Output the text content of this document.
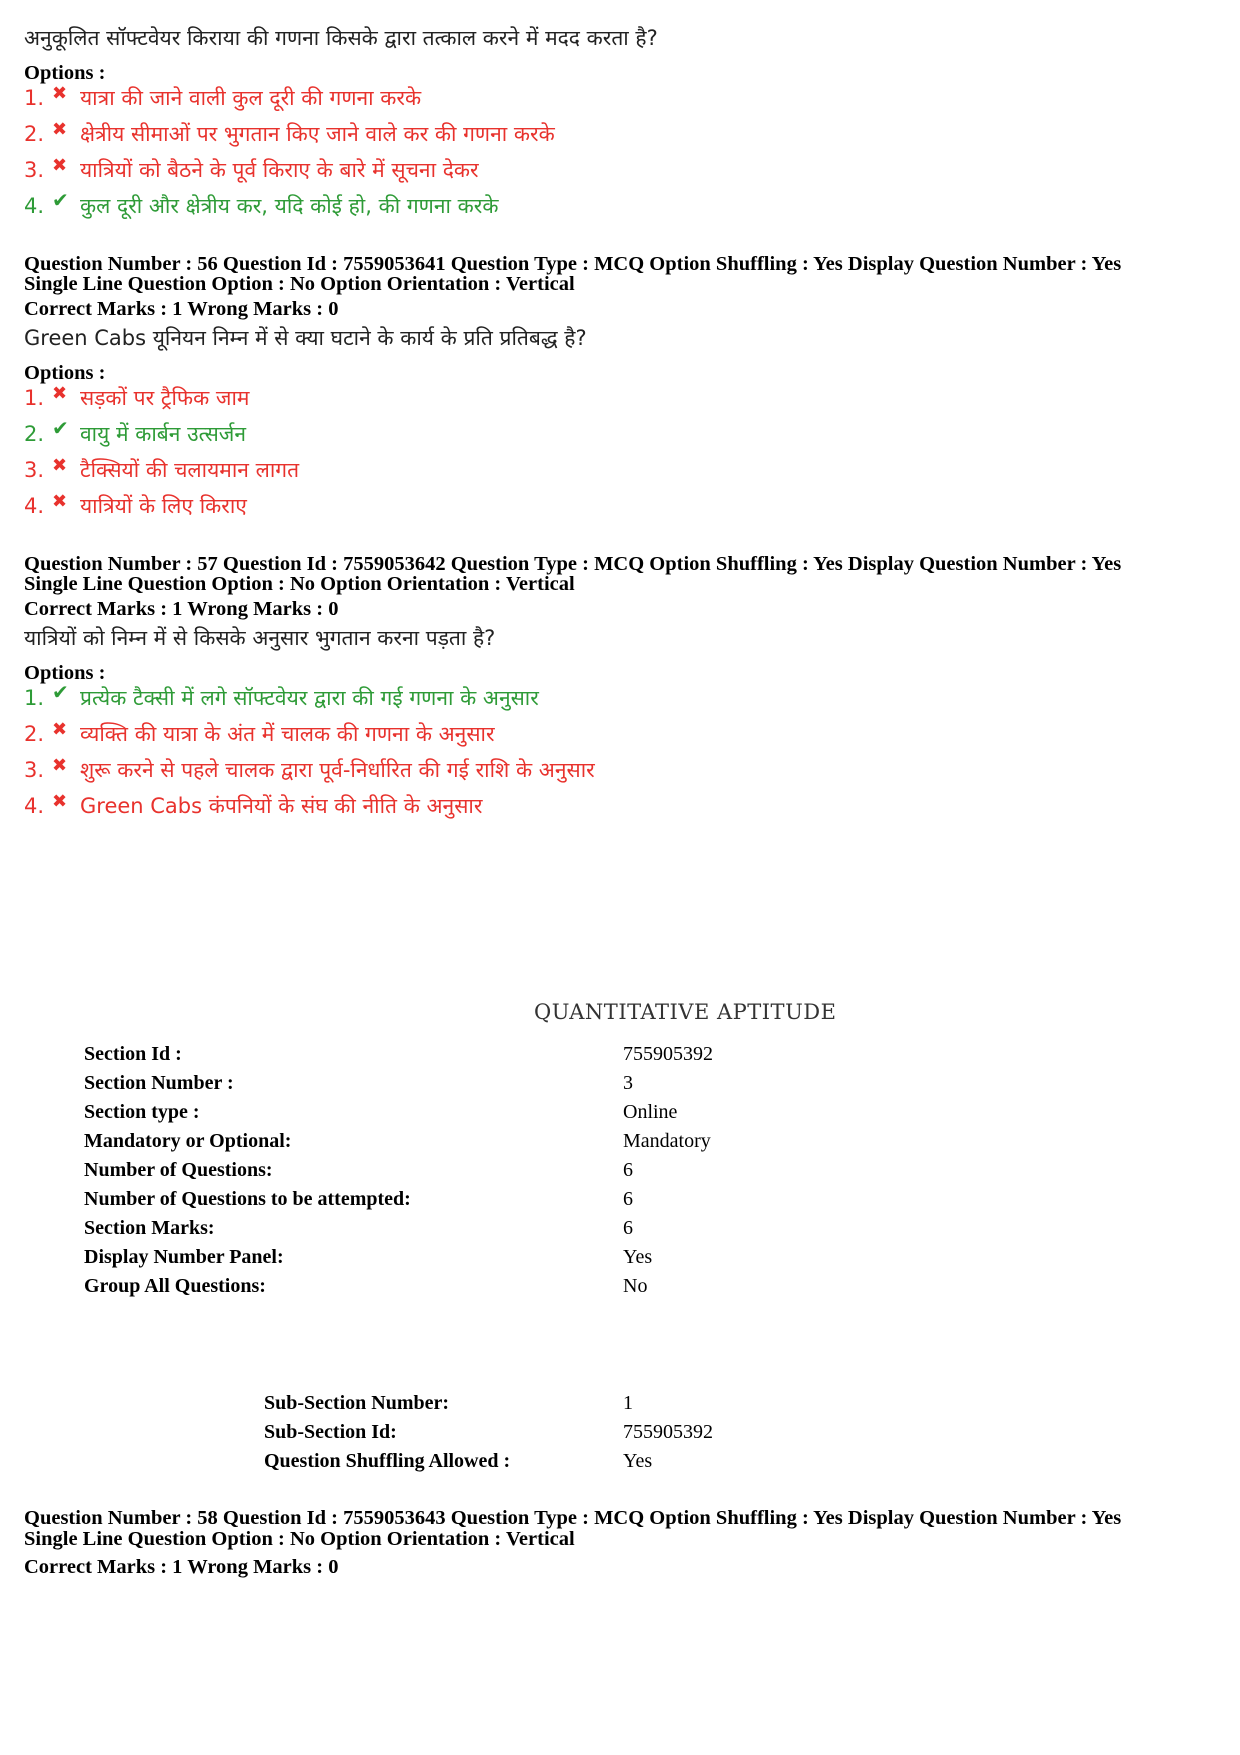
अनुकूलित सॉफ्टवेयर किराया की गणना किसके द्वारा तत्काल करने में मदद करता है?
Options :
1. ✖ यात्रा की जाने वाली कुल दूरी की गणना करके
2. ✖ क्षेत्रीय सीमाओं पर भुगतान किए जाने वाले कर की गणना करके
3. ✖ यात्रियों को बैठने के पूर्व किराए के बारे में सूचना देकर
4. ✔ कुल दूरी और क्षेत्रीय कर, यदि कोई हो, की गणना करके
Question Number : 56 Question Id : 7559053641 Question Type : MCQ Option Shuffling : Yes Display Question Number : Yes
Single Line Question Option : No Option Orientation : Vertical
Correct Marks : 1 Wrong Marks : 0
Green Cabs यूनियन निम्न में से क्या घटाने के कार्य के प्रति प्रतिबद्ध है?
Options :
1. ✖ सड़कों पर ट्रैफिक जाम
2. ✔ वायु में कार्बन उत्सर्जन
3. ✖ टैक्सियों की चलायमान लागत
4. ✖ यात्रियों के लिए किराए
Question Number : 57 Question Id : 7559053642 Question Type : MCQ Option Shuffling : Yes Display Question Number : Yes
Single Line Question Option : No Option Orientation : Vertical
Correct Marks : 1 Wrong Marks : 0
यात्रियों को निम्न में से किसके अनुसार भुगतान करना पड़ता है?
Options :
1. ✔ प्रत्येक टैक्सी में लगे सॉफ्टवेयर द्वारा की गई गणना के अनुसार
2. ✖ व्यक्ति की यात्रा के अंत में चालक की गणना के अनुसार
3. ✖ शुरू करने से पहले चालक द्वारा पूर्व-निर्धारित की गई राशि के अनुसार
4. ✖ Green Cabs कंपनियों के संघ की नीति के अनुसार
QUANTITATIVE APTITUDE
Section Id :	755905392
Section Number :	3
Section type :	Online
Mandatory or Optional:	Mandatory
Number of Questions:	6
Number of Questions to be attempted:	6
Section Marks:	6
Display Number Panel:	Yes
Group All Questions:	No
Sub-Section Number:	1
Sub-Section Id:	755905392
Question Shuffling Allowed :	Yes
Question Number : 58 Question Id : 7559053643 Question Type : MCQ Option Shuffling : Yes Display Question Number : Yes
Single Line Question Option : No Option Orientation : Vertical
Correct Marks : 1 Wrong Marks : 0
